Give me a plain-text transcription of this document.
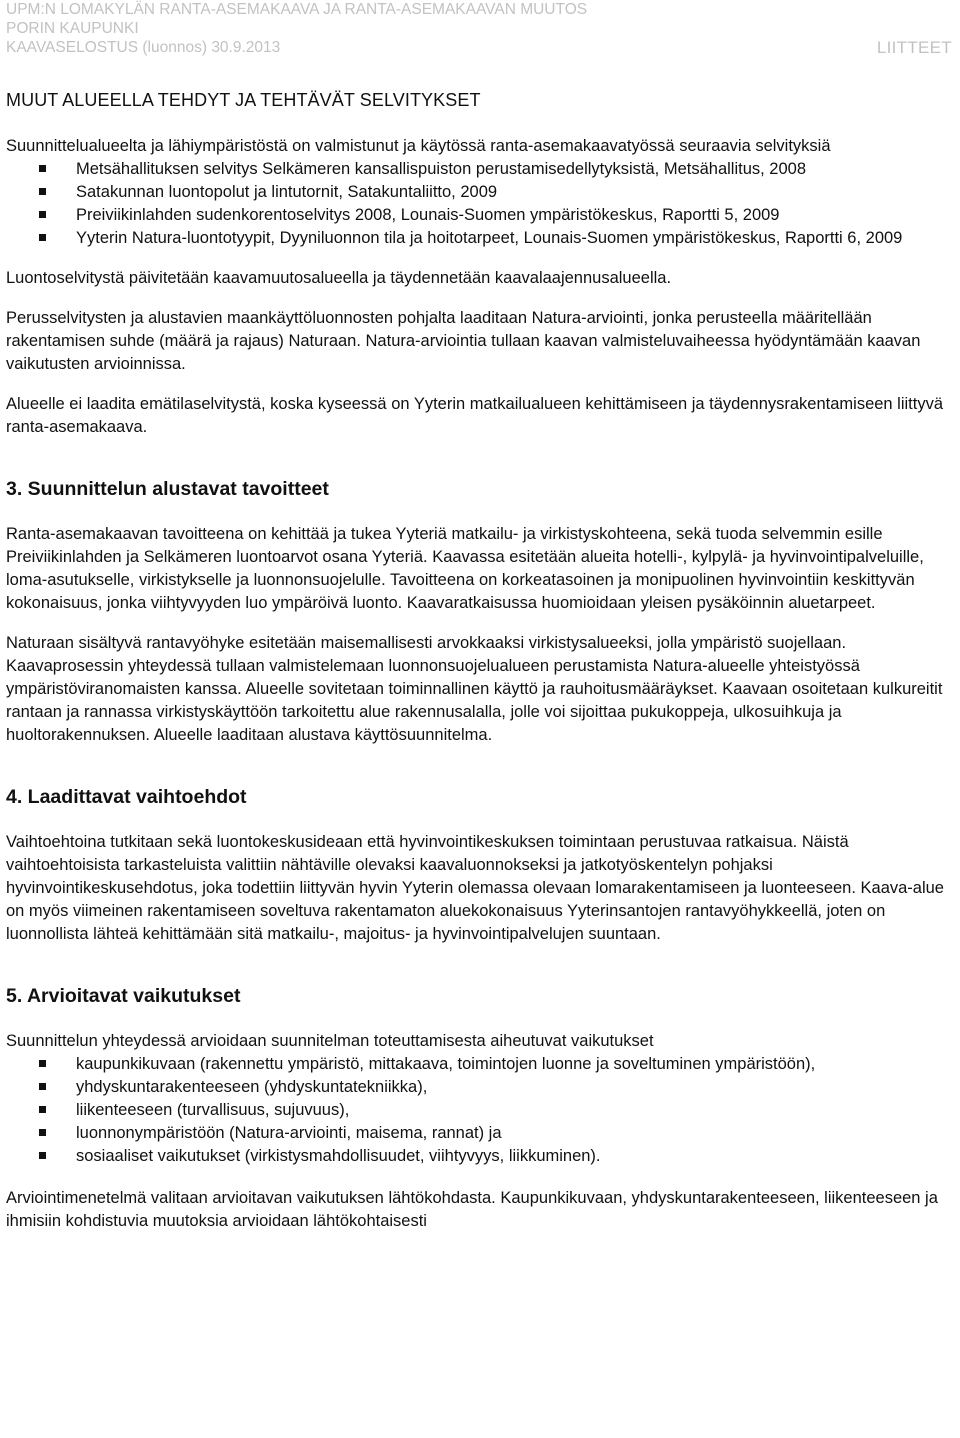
UPM:N LOMAKYLÄN RANTA-ASEMAKAAVA JA RANTA-ASEMAKAAVAN MUUTOS
PORIN KAUPUNKI
KAAVASELOSTUS (luonnos) 30.9.2013	LIITTEET
MUUT ALUEELLA TEHDYT JA TEHTÄVÄT SELVITYKSET

Suunnittelualueelta ja lähiympäristöstä on valmistunut ja käytössä ranta-asemakaavatyössä seuraavia selvityksiä

Metsähallituksen selvitys Selkämeren kansallispuiston perustamisedellytyksistä, Metsähallitus, 2008
Satakunnan luontopolut ja lintutornit, Satakuntaliitto, 2009
Preiviikinlahden sudenkorentoselvitys 2008, Lounais-Suomen ympäristökeskus, Raportti 5, 2009
Yyterin Natura-luontotyypit, Dyyniluonnon tila ja hoitotarpeet, Lounais-Suomen ympäristökeskus, Raportti 6, 2009

Luontoselvitystä päivitetään kaavamuutosalueella ja täydennetään kaavalaajennusalueella.

Perusselvitysten ja alustavien maankäyttöluonnosten pohjalta laaditaan Natura-arviointi, jonka perusteella määritellään rakentamisen suhde (määrä ja rajaus) Naturaan. Natura-arviointia tullaan kaavan valmisteluvaiheessa hyödyntämään kaavan vaikutusten arvioinnissa.

Alueelle ei laadita emätilaselvitystä, koska kyseessä on Yyterin matkailualueen kehittämiseen ja täydennysrakentamiseen liittyvä ranta-asemakaava.

3. Suunnittelun alustavat tavoitteet

Ranta-asemakaavan tavoitteena on kehittää ja tukea Yyteriä matkailu- ja virkistyskohteena, sekä tuoda selvemmin esille Preiviikinlahden ja Selkämeren luontoarvot osana Yyteriä. Kaavassa esitetään alueita hotelli-, kylpylä- ja hyvinvointipalveluille, loma-asutukselle, virkistykselle ja luonnonsuojelulle. Tavoitteena on korkeatasoinen ja monipuolinen hyvinvointiin keskittyvän kokonaisuus, jonka viihtyvyyden luo ympäröivä luonto. Kaavaratkaisussa huomioidaan yleisen pysäköinnin aluetarpeet.

Naturaan sisältyvä rantavyöhyke esitetään maisemallisesti arvokkaaksi virkistysalueeksi, jolla ympäristö suojellaan. Kaavaprosessin yhteydessä tullaan valmistelemaan luonnonsuojelualueen perustamista Natura-alueelle yhteistyössä ympäristöviranomaisten kanssa. Alueelle sovitetaan toiminnallinen käyttö ja rauhoitusmääräykset. Kaavaan osoitetaan kulkureitit rantaan ja rannassa virkistyskäyttöön tarkoitettu alue rakennusalalla, jolle voi sijoittaa pukukoppeja, ulkosuihkuja ja huoltorakennuksen. Alueelle laaditaan alustava käyttösuunnitelma.

4. Laadittavat vaihtoehdot

Vaihtoehtoina tutkitaan sekä luontokeskusideaan että hyvinvointikeskuksen toimintaan perustuvaa ratkaisua. Näistä vaihtoehtoisista tarkasteluista valittiin nähtäville olevaksi kaavaluonnokseksi ja jatkotyöskentelyn pohjaksi hyvinvointikeskusehdotus, joka todettiin liittyvän hyvin Yyterin olemassa olevaan lomarakentamiseen ja luonteeseen. Kaava-alue on myös viimeinen rakentamiseen soveltuva rakentamaton aluekokonaisuus Yyterinsantojen rantavyöhykkeellä, joten on luonnollista lähteä kehittämään sitä matkailu-, majoitus- ja hyvinvointipalvelujen suuntaan.

5. Arvioitavat vaikutukset

Suunnittelun yhteydessä arvioidaan suunnitelman toteuttamisesta aiheutuvat vaikutukset

kaupunkikuvaan (rakennettu ympäristö, mittakaava, toimintojen luonne ja soveltuminen ympäristöön),
yhdyskuntarakenteeseen (yhdyskuntatekniikka),
liikenteeseen (turvallisuus, sujuvuus),
luonnonympäristöön (Natura-arviointi, maisema, rannat) ja
sosiaaliset vaikutukset (virkistysmahdollisuudet, viihtyvyys, liikkuminen).

Arviointimenetelmä valitaan arvioitavan vaikutuksen lähtökohdasta. Kaupunkikuvaan, yhdyskuntarakenteeseen, liikenteeseen ja ihmisiin kohdistuvia muutoksia arvioidaan lähtökohtaisesti
